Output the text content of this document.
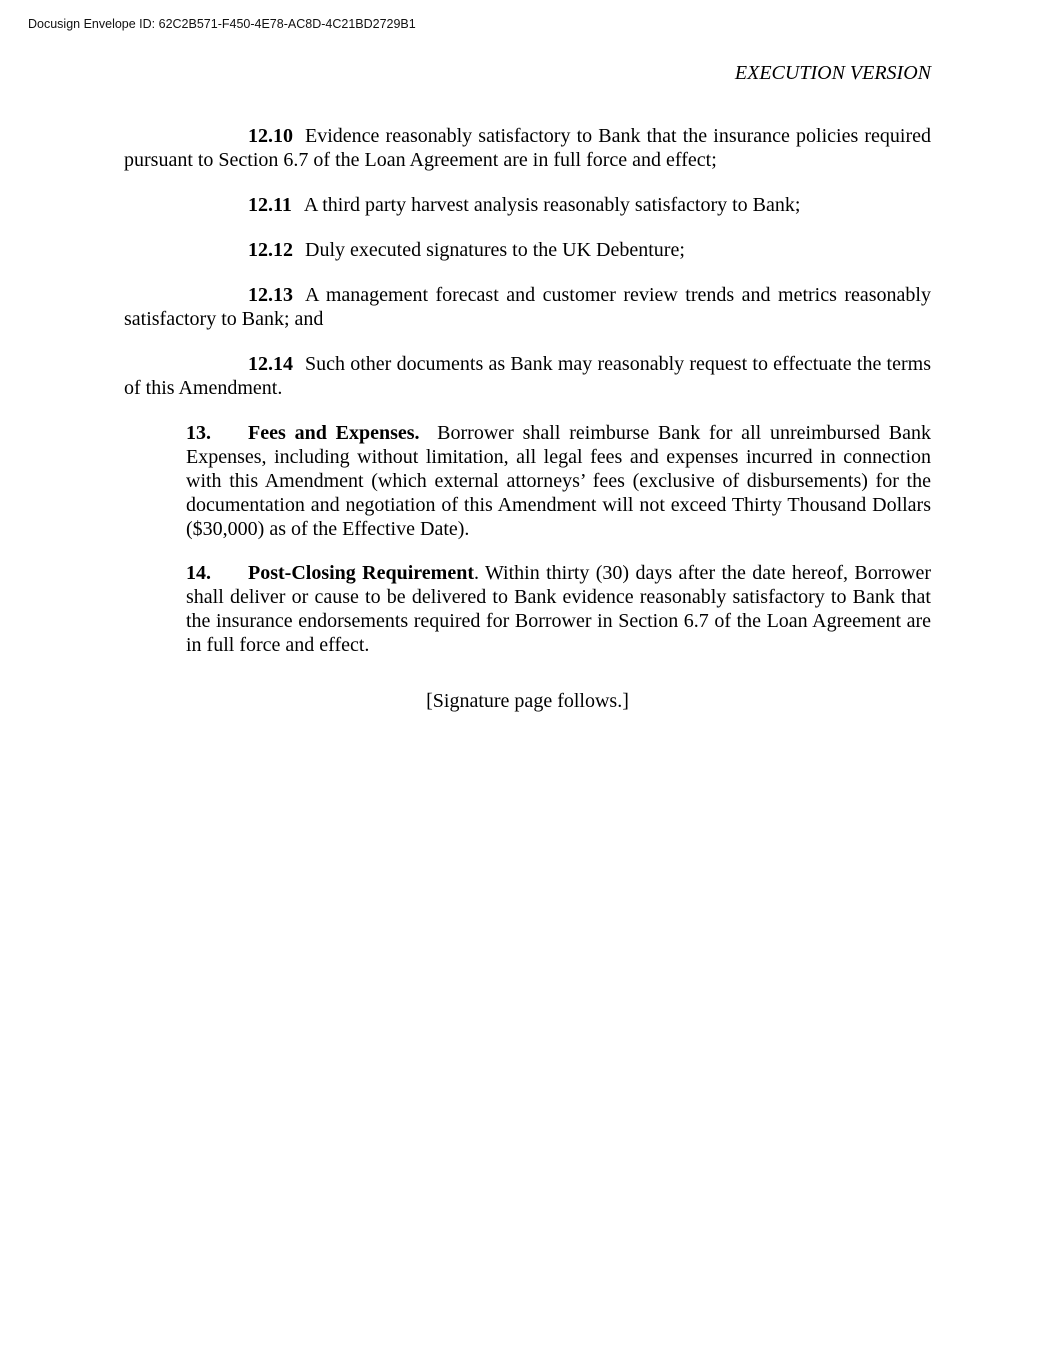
Docusign Envelope ID: 62C2B571-F450-4E78-AC8D-4C21BD2729B1
EXECUTION VERSION

12.10 Evidence reasonably satisfactory to Bank that the insurance policies required pursuant to Section 6.7 of the Loan Agreement are in full force and effect;

12.11 A third party harvest analysis reasonably satisfactory to Bank;

12.12 Duly executed signatures to the UK Debenture;

12.13 A management forecast and customer review trends and metrics reasonably satisfactory to Bank; and

12.14 Such other documents as Bank may reasonably request to effectuate the terms of this Amendment.

13. Fees and Expenses.  Borrower shall reimburse Bank for all unreimbursed Bank Expenses, including without limitation, all legal fees and expenses incurred in connection with this Amendment (which external attorneys’ fees (exclusive of disbursements) for the documentation and negotiation of this Amendment will not exceed Thirty Thousand Dollars ($30,000) as of the Effective Date).

14. Post-Closing Requirement. Within thirty (30) days after the date hereof, Borrower shall deliver or cause to be delivered to Bank evidence reasonably satisfactory to Bank that the insurance endorsements required for Borrower in Section 6.7 of the Loan Agreement are in full force and effect.

[Signature page follows.]
